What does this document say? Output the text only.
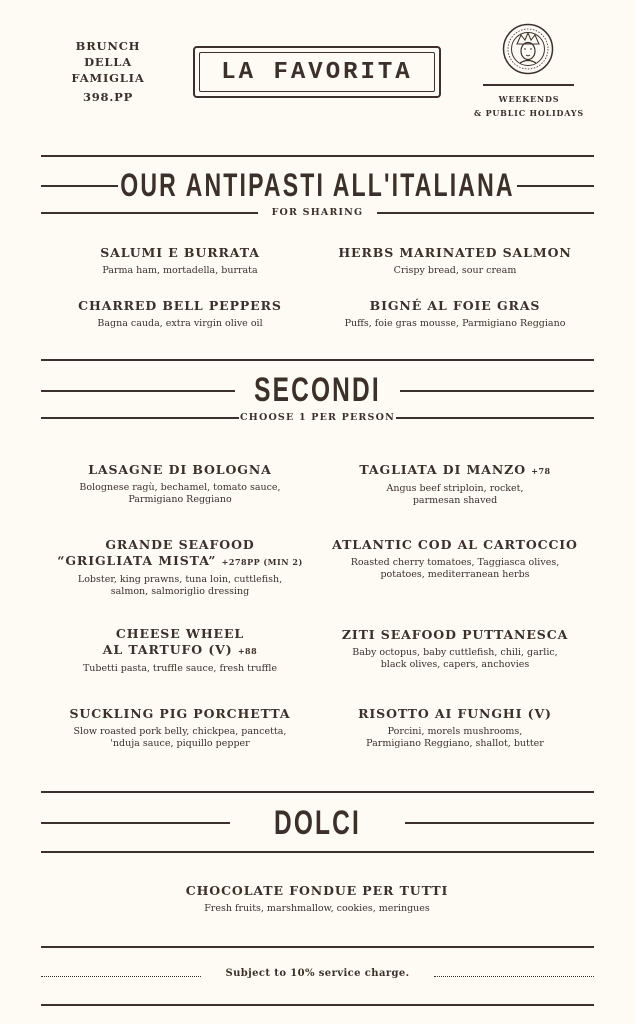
BRUNCH
DELLA
FAMIGLIA
398.PP
LA FAVORITA
WEEKENDS
& PUBLIC HOLIDAYS
OUR ANTIPASTI ALL'ITALIANA
FOR SHARING
SALUMI E BURRATA
Parma ham, mortadella, burrata
HERBS MARINATED SALMON
Crispy bread, sour cream
CHARRED BELL PEPPERS
Bagna cauda, extra virgin olive oil
BIGNÉ AL FOIE GRAS
Puffs, foie gras mousse, Parmigiano Reggiano
SECONDI
CHOOSE 1 PER PERSON
LASAGNE DI BOLOGNA
Bolognese ragù, bechamel, tomato sauce,
Parmigiano Reggiano
TAGLIATA DI MANZO +78
Angus beef striploin, rocket,
parmesan shaved
GRANDE SEAFOOD
“GRIGLIATA MISTA” +278PP (MIN 2)
Lobster, king prawns, tuna loin, cuttlefish,
salmon, salmoriglio dressing
ATLANTIC COD AL CARTOCCIO
Roasted cherry tomatoes, Taggiasca olives,
potatoes, mediterranean herbs
CHEESE WHEEL
AL TARTUFO (V) +88
Tubetti pasta, truffle sauce, fresh truffle
ZITI SEAFOOD PUTTANESCA
Baby octopus, baby cuttlefish, chili, garlic,
black olives, capers, anchovies
SUCKLING PIG PORCHETTA
Slow roasted pork belly, chickpea, pancetta,
'nduja sauce, piquillo pepper
RISOTTO AI FUNGHI (V)
Porcini, morels mushrooms,
Parmigiano Reggiano, shallot, butter
DOLCI
CHOCOLATE FONDUE PER TUTTI
Fresh fruits, marshmallow, cookies, meringues
Subject to 10% service charge.
